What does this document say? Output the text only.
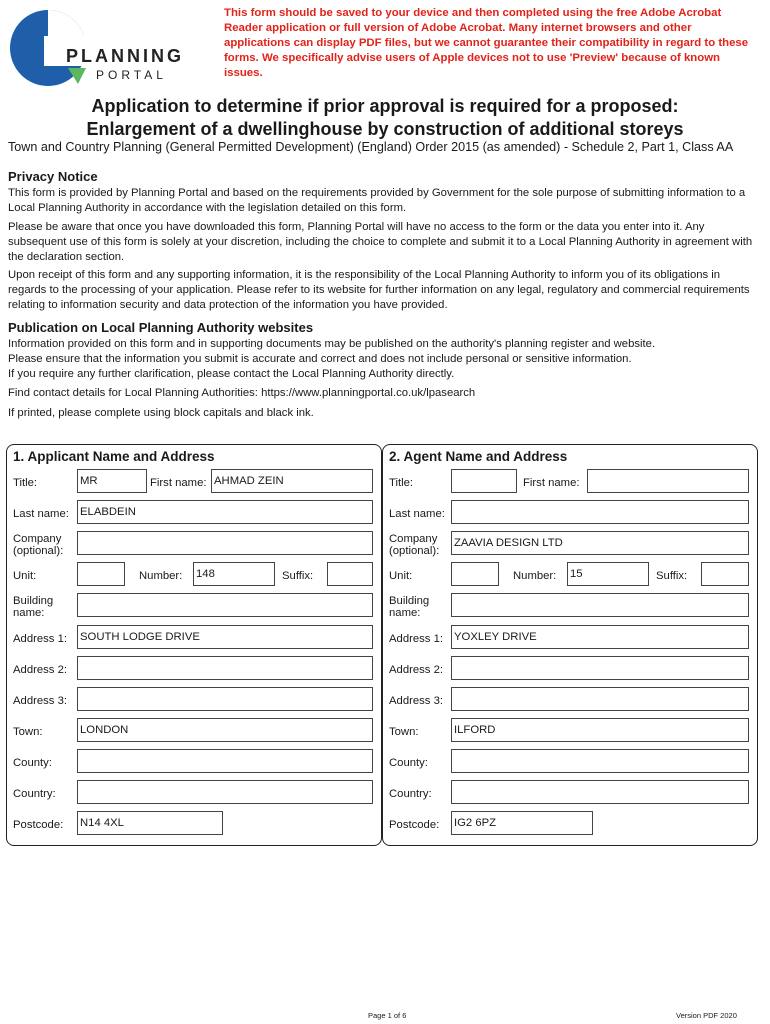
PLANNING
PORTAL
This form should be saved to your device and then completed using the free Adobe Acrobat Reader application or full version of Adobe Acrobat. Many internet browsers and other applications can display PDF files, but we cannot guarantee their compatibility in regard to these forms. We specifically advise users of Apple devices not to use 'Preview' because of known issues.
Application to determine if prior approval is required for a proposed:
Enlargement of a dwellinghouse by construction of additional storeys
Town and Country Planning (General Permitted Development) (England) Order 2015 (as amended) - Schedule 2, Part 1, Class AA
Privacy Notice
This form is provided by Planning Portal and based on the requirements provided by Government for the sole purpose of submitting information to a Local Planning Authority in accordance with the legislation detailed on this form.
Please be aware that once you have downloaded this form, Planning Portal will have no access to the form or the data you enter into it. Any subsequent use of this form is solely at your discretion, including the choice to complete and submit it to a Local Planning Authority in agreement with the declaration section.
Upon receipt of this form and any supporting information, it is the responsibility of the Local Planning Authority to inform you of its obligations in regards to the processing of your application. Please refer to its website for further information on any legal, regulatory and commercial requirements relating to information security and data protection of the information you have provided.
Publication on Local Planning Authority websites
Information provided on this form and in supporting documents may be published on the authority's planning register and website.
Please ensure that the information you submit is accurate and correct and does not include personal or sensitive information.
If you require any further clarification, please contact the Local Planning Authority directly.
Find contact details for Local Planning Authorities: https://www.planningportal.co.uk/lpasearch
If printed, please complete using block capitals and black ink.
1. Applicant Name and Address
Title:	MR	First name: AHMAD ZEIN
Last name: ELABDEIN
Company
(optional):
Unit:	Number: 148	Suffix:
Building
name:
Address 1: SOUTH LODGE DRIVE
Address 2:
Address 3:
Town:	LONDON
County:
Country:
Postcode: N14 4XL
2. Agent Name and Address
Title:	First name:
Last name:
Company
(optional):
ZAAVIA DESIGN LTD
Unit:	Number: 15	Suffix:
Building
name:
Address 1: YOXLEY DRIVE
Address 2:
Address 3:
Town:	ILFORD
County:
Country:
Postcode: IG2 6PZ
Page 1 of 6	Version PDF 2020
